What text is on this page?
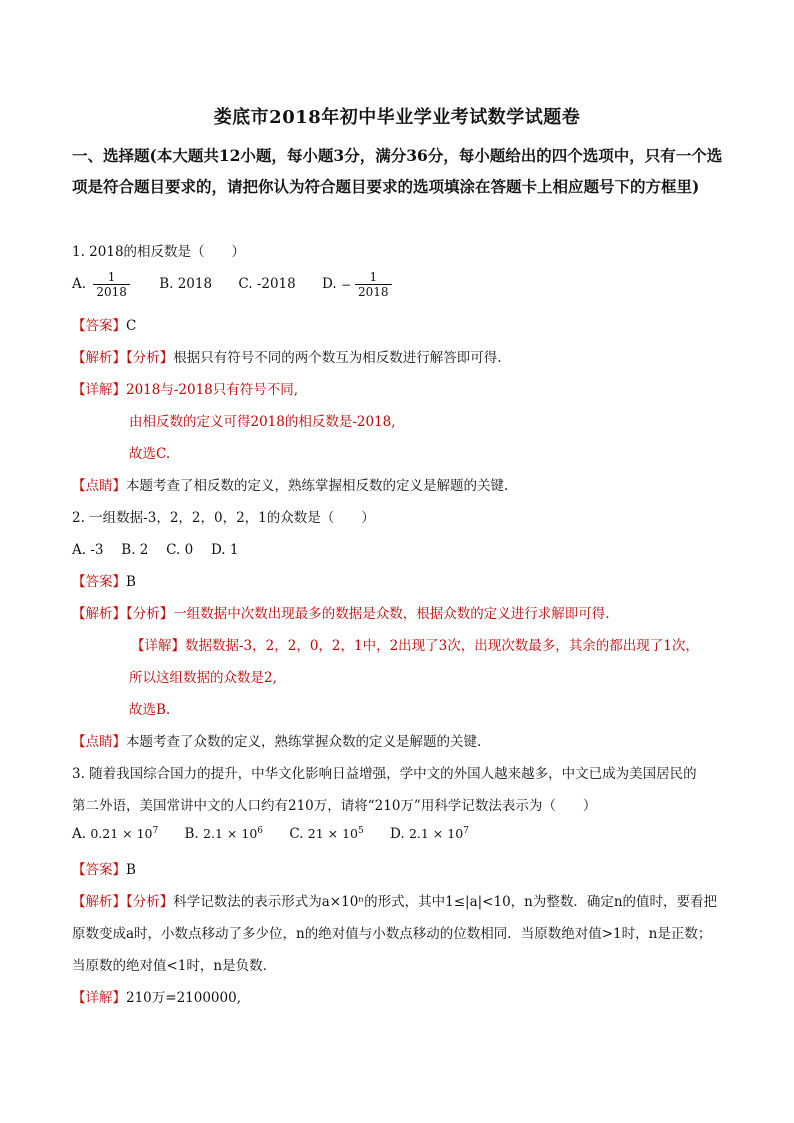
娄底市2018年初中毕业学业考试数学试题卷
一、选择题(本大题共12小题，每小题3分，满分36分，每小题给出的四个选项中，只有一个选项是符合题目要求的，请把你认为符合题目要求的选项填涂在答题卡上相应题号下的方框里)
1. 2018的相反数是（　　）
A. $\frac{1}{2018} B$. 2018 C. -2018 D. − $\frac{1}{2018}$
【答案】C
【解析】【分析】根据只有符号不同的两个数互为相反数进行解答即可得.
【详解】2018与-2018只有符号不同,
由相反数的定义可得2018的相反数是-2018,
故选C.
【点睛】本题考查了相反数的定义，熟练掌握相反数的定义是解题的关键.
2. 一组数据-3，2，2，0，2，1的众数是（　　）
A. -3　 B. 2　 C. 0　 D. 1
【答案】B
【解析】【分析】一组数据中次数出现最多的数据是众数，根据众数的定义进行求解即可得.
【详解】数据数据-3，2，2，0，2，1中，2出现了3次，出现次数最多，其余的都出现了1次，
所以这组数据的众数是2,
故选B.
【点睛】本题考查了众数的定义，熟练掌握众数的定义是解题的关键.
3. 随着我国综合国力的提升，中华文化影响日益增强，学中文的外国人越来越多，中文已成为美国居民的
第二外语，美国常讲中文的人口约有210万，请将“210万”用科学记数法表示为（　　）
A. $0.21 \times 10^7$ B. $2.1 \times 10^6$ C. $21 \times 10^5$ D. $2.1 \times 10^7$
【答案】B
【解析】【分析】科学记数法的表示形式为a×10ⁿ的形式，其中1≤|a|<10，n为整数．确定n的值时，要看把
原数变成a时，小数点移动了多少位，n的绝对值与小数点移动的位数相同．当原数绝对值>1时，n是正数；
当原数的绝对值<1时，n是负数．
【详解】210万=2100000,
